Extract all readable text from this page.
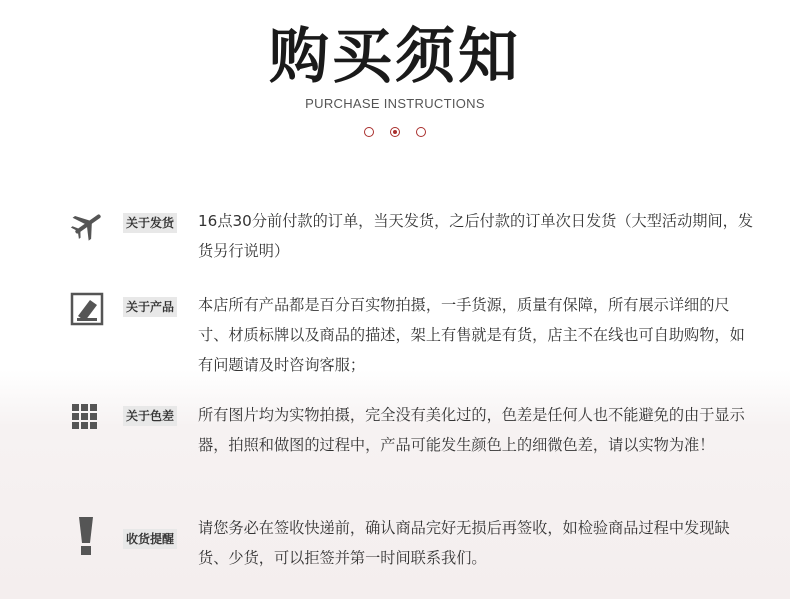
购买须知
PURCHASE INSTRUCTIONS

关于发货 16点30分前付款的订单，当天发货，之后付款的订单次日发货（大型活动期间，发货另行说明）
关于产品 本店所有产品都是百分百实物拍摄，一手货源，质量有保障，所有展示详细的尺寸、材质标牌以及商品的描述，架上有售就是有货，店主不在线也可自助购物，如有问题请及时咨询客服；
关于色差 所有图片均为实物拍摄，完全没有美化过的，色差是任何人也不能避免的由于显示器，拍照和做图的过程中，产品可能发生颜色上的细微色差，请以实物为准！
收货提醒
请您务必在签收快递前，确认商品完好无损后再签收，如检验商品过程中发现缺货、少货，可以拒签并第一时间联系我们。
